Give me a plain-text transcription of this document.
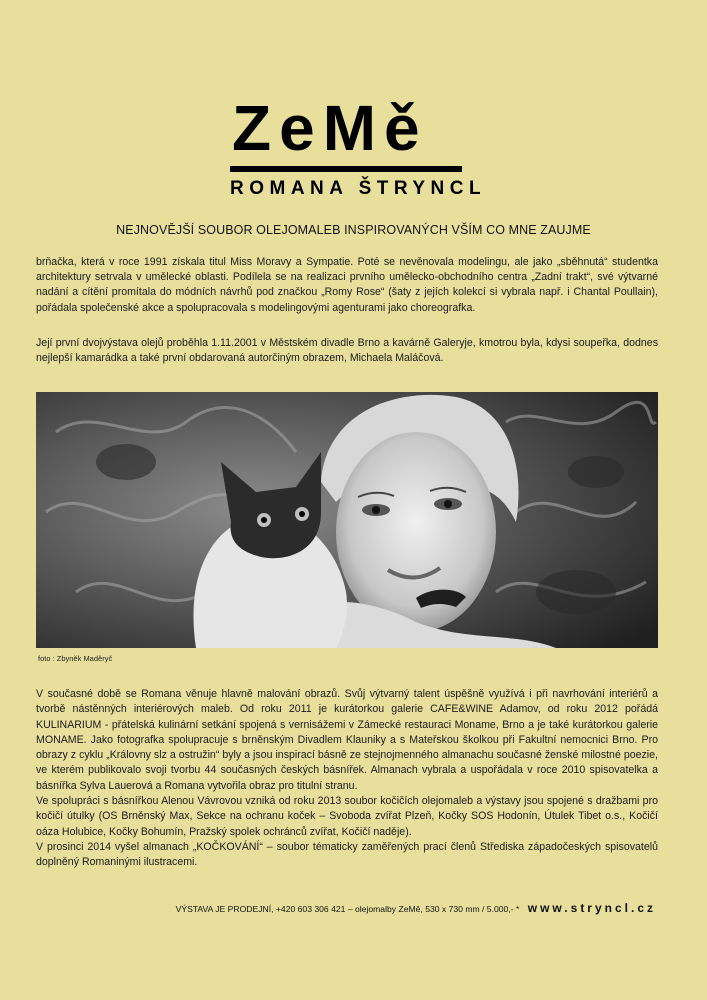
ZeMě
ROMANA ŠTRYNCL
NEJNOVĚJŠÍ SOUBOR OLEJOMALEB INSPIROVANÝCH VŠÍM CO MNE ZAUJME
brňačka, která v roce 1991 získala titul Miss Moravy a Sympatie. Poté se nevěnovala modelingu, ale jako „sběhnutá“ studentka architektury setrvala v umělecké oblasti. Podílela se na realizaci prvního umělecko-obchodního centra „Zadní trakt“, své výtvarné nadání a cítění promítala do módních návrhů pod značkou „Romy Rose“ (šaty z jejích kolekcí si vybrala např. i Chantal Poullain), pořádala společenské akce a spolupracovala s modelingovými agenturami jako choreografka.
Její první dvojvýstava olejů proběhla 1.11.2001 v Městském divadle Brno a kavárně Galeryje, kmotrou byla, kdysi soupeřka, dodnes nejlepší kamarádka a také první obdarovaná autorčiným obrazem, Michaela Maláčová.
foto : Zbyněk Maděryč
V současné době se Romana věnuje hlavně malování obrazů. Svůj výtvarný talent úspěšně využívá i při navrhování interiérů a tvorbě nástěnných interiérových maleb. Od roku 2011 je kurátorkou galerie CAFE&WINE Adamov, od roku 2012 pořádá KULINARIUM - přátelská kulinární setkání spojená s vernisážemi v Zámecké restauraci Moname, Brno a je také kurátorkou galerie MONAME. Jako fotografka spolupracuje s brněnským Divadlem Klauniky a s Mateřskou školkou při Fakultní nemocnici Brno. Pro obrazy z cyklu „Královny slz a ostružin“ byly a jsou inspirací básně ze stejnojmenného almanachu současné ženské milostné poezie, ve kterém publikovalo svoji tvorbu 44 současných českých básnířek. Almanach vybrala a uspořádala v roce 2010 spisovatelka a básnířka Sylva Lauerová a Romana vytvořila obraz pro titulní stranu.
Ve spolupráci s básnířkou Alenou Vávrovou vzniká od roku 2013 soubor kočičích olejomaleb a výstavy jsou spojené s dražbami pro kočičí útulky (OS Brněnský Max, Sekce na ochranu koček – Svoboda zvířat Plzeň, Kočky SOS Hodonín, Útulek Tibet o.s., Kočičí oáza Holubice, Kočky Bohumín, Pražský spolek ochránců zvířat, Kočičí naděje).
V prosinci 2014 vyšel almanach „KOČKOVÁNÍ“ – soubor tématicky zaměřených prací členů Střediska západočeských spisovatelů doplněný Romaninými ilustracemi.
VÝSTAVA JE PRODEJNÍ, +420 603 306 421 – olejomalby ZeMě, 530 x 730 mm / 5.000,- * www.stryncl.cz
